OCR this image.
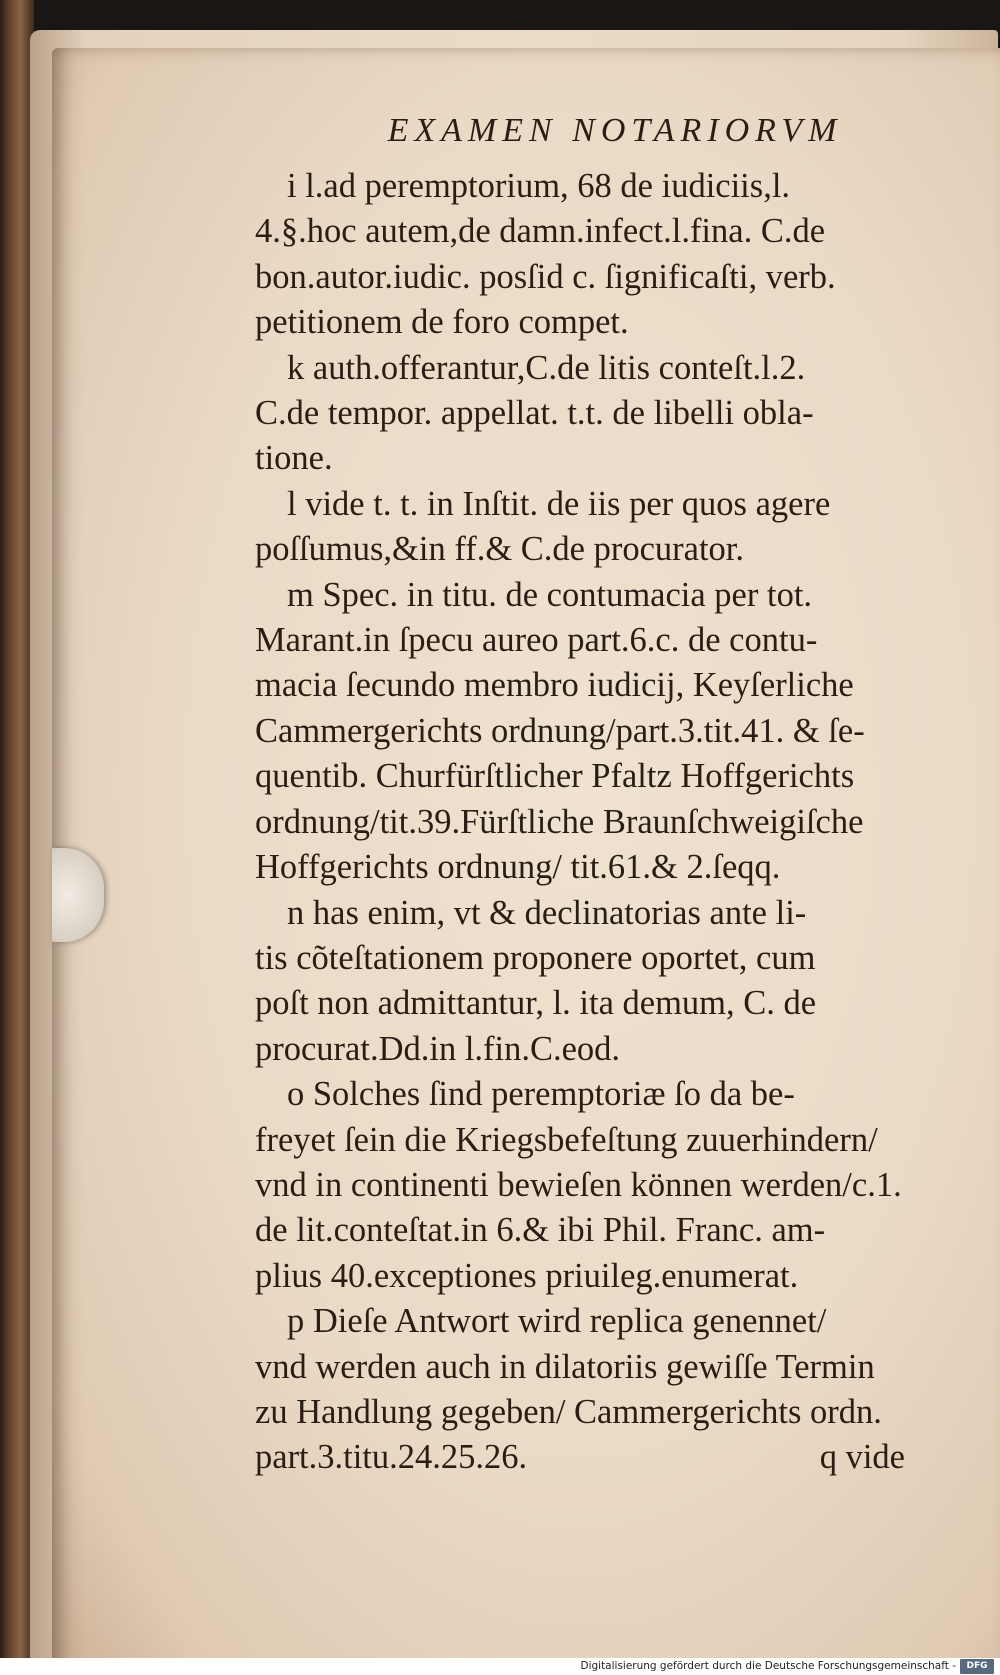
EXAMEN NOTARIORVM
i l.ad peremptorium, 68 de iudiciis,l.
4.§.hoc autem,de damn.infect.l.fina. C.de
bon.autor.iudic. posſid c. ſignificaſti, verb.
petitionem de foro compet.
k auth.offerantur,C.de litis conteſt.l.2.
C.de tempor. appellat. t.t. de libelli obla-
tione.
l vide t. t. in Inſtit. de iis per quos agere
poſſumus,&in ff.& C.de procurator.
m Spec. in titu. de contumacia per tot.
Marant.in ſpecu aureo part.6.c. de contu-
macia ſecundo membro iudicij, Keyſerliche
Cammergerichts ordnung/part.3.tit.41. & ſe-
quentib. Churfürſtlicher Pfaltz Hoffgerichts
ordnung/tit.39.Fürſtliche Braunſchweigiſche
Hoffgerichts ordnung/ tit.61.& 2.ſeqq.
n has enim, vt & declinatorias ante li-
tis cõteſtationem proponere oportet, cum
poſt non admittantur, l. ita demum, C. de
procurat.Dd.in l.fin.C.eod.
o Solches ſind peremptoriæ ſo da be-
freyet ſein die Kriegsbefeſtung zuuerhindern/
vnd in continenti bewieſen können werden/c.1.
de lit.conteſtat.in 6.& ibi Phil. Franc. am-
plius 40.exceptiones priuileg.enumerat.
p Dieſe Antwort wird replica genennet/
vnd werden auch in dilatoriis gewiſſe Termin
zu Handlung gegeben/ Cammergerichts ordn.
part.3.titu.24.25.26.	q vide
Digitalisierung gefördert durch die Deutsche Forschungsgemeinschaft -	DFG
